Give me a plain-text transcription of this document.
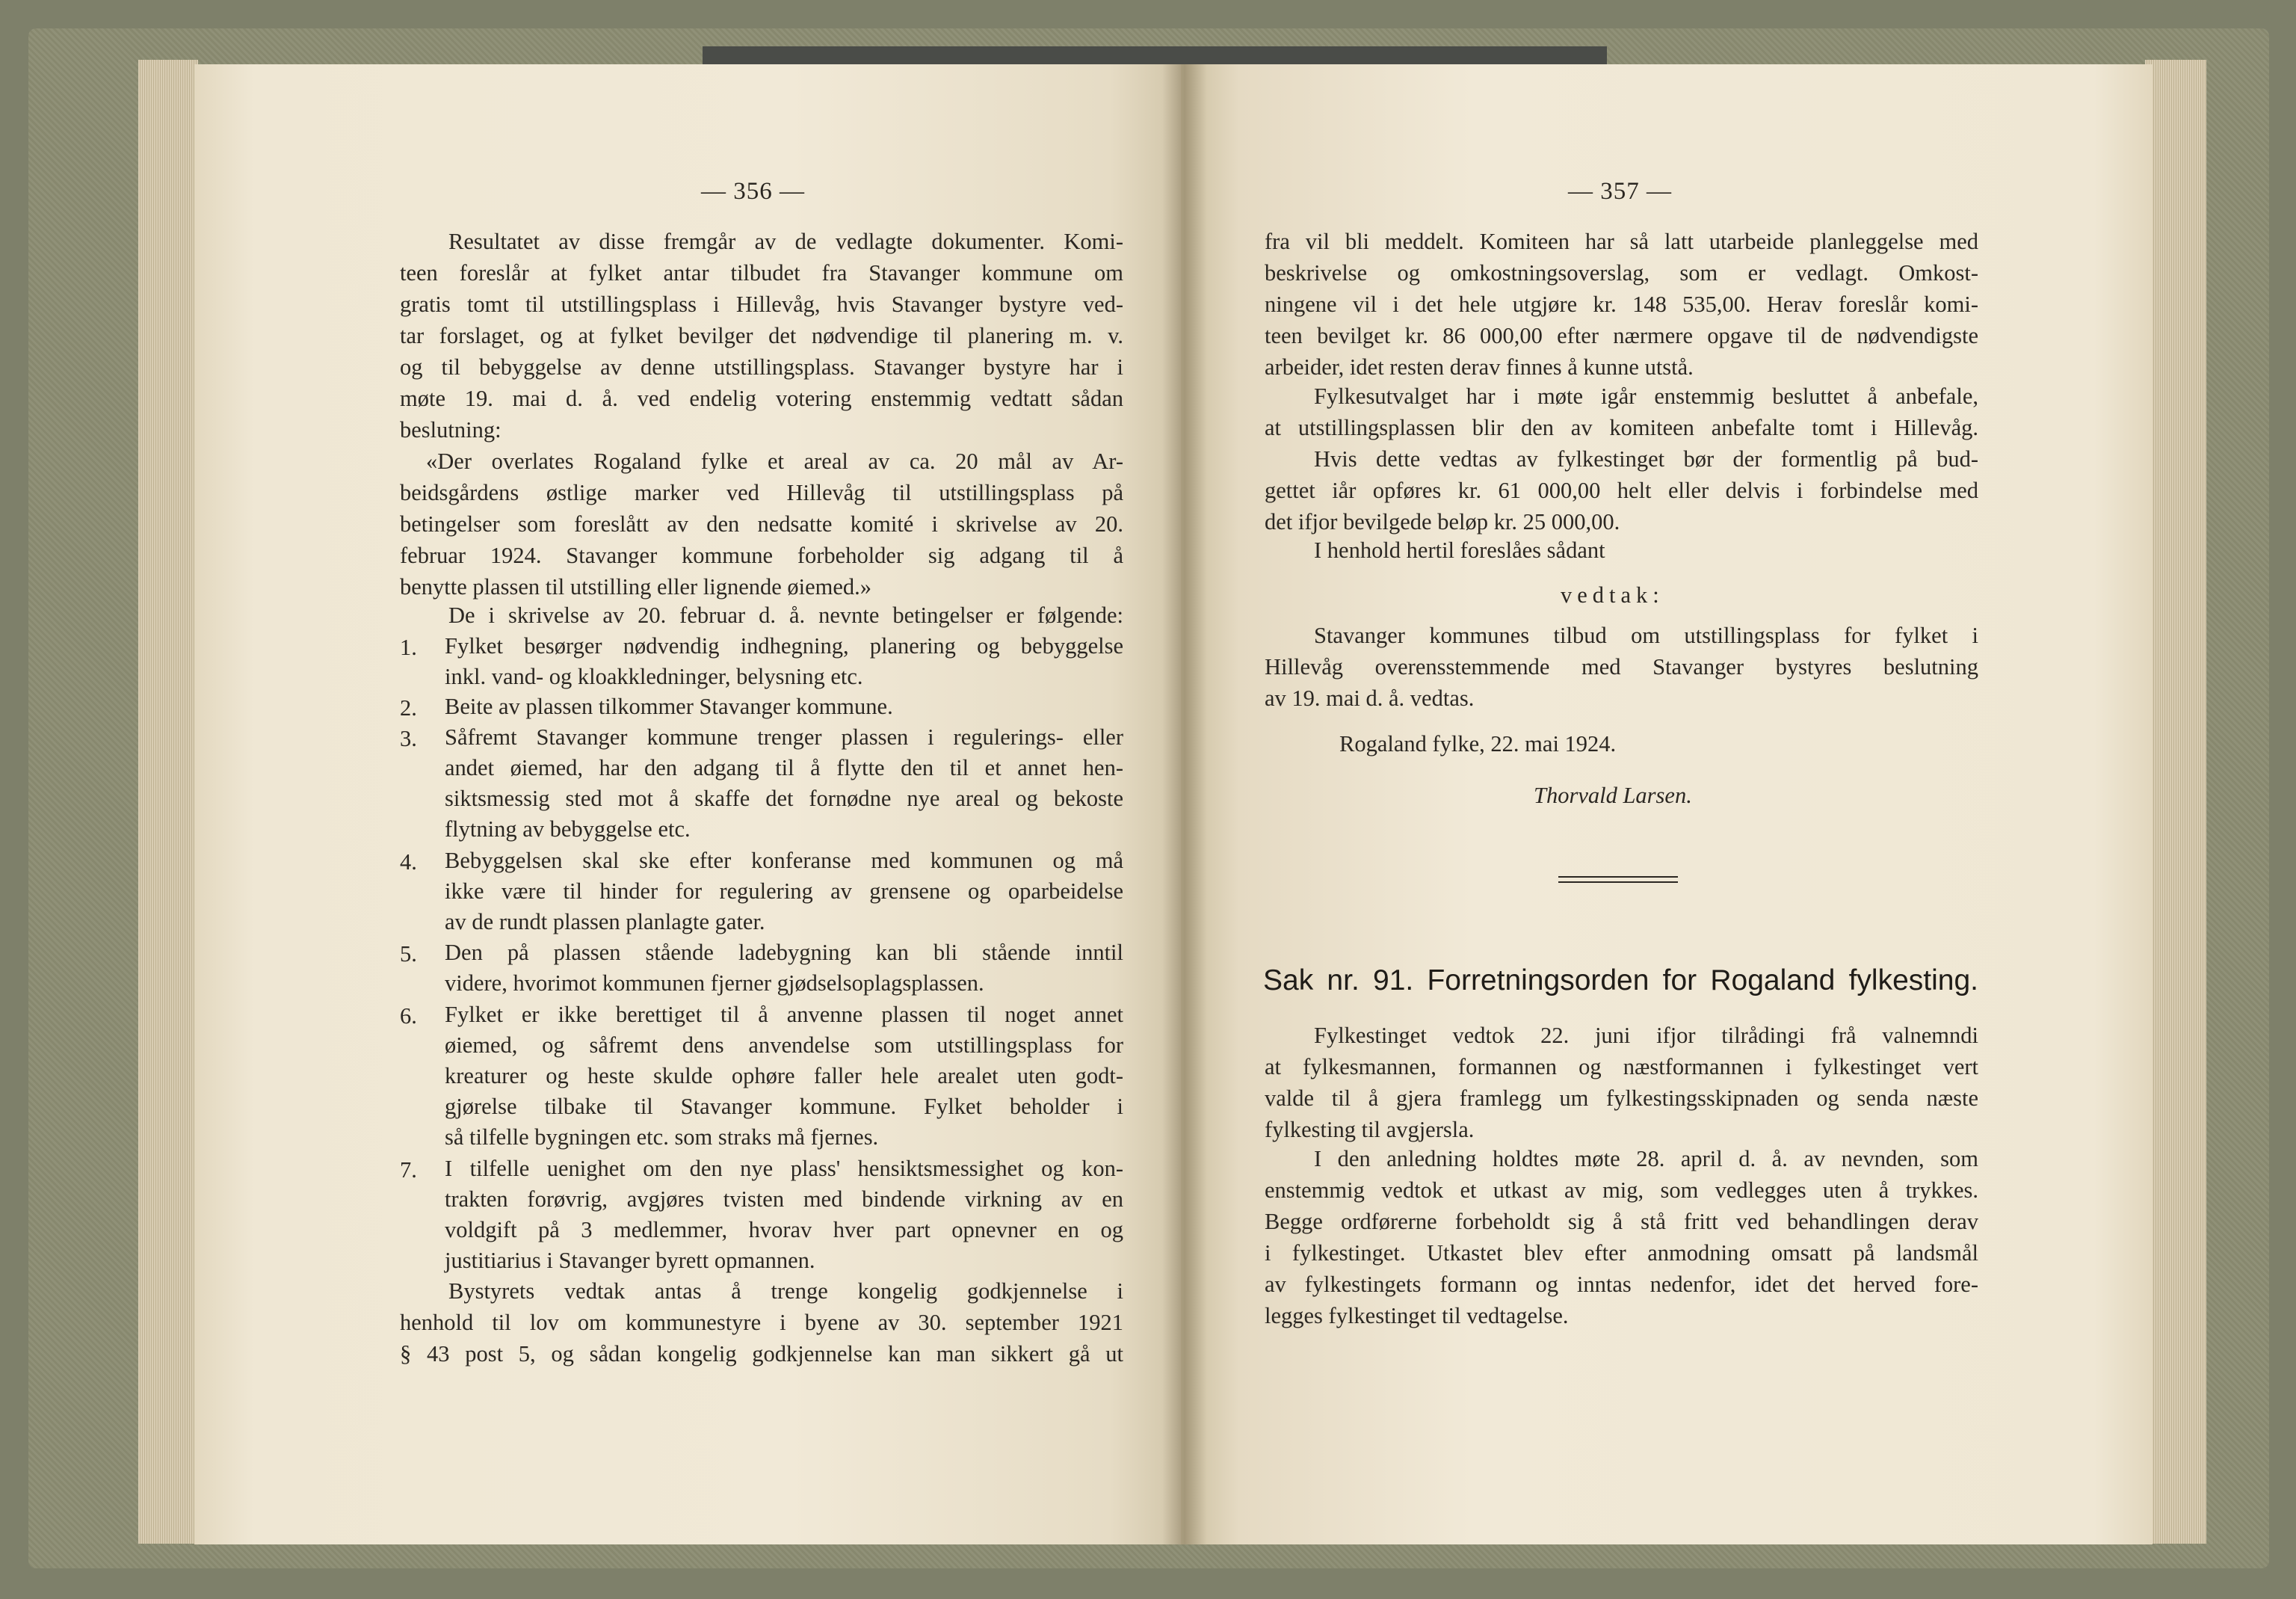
— 356 —
Resultatet av disse fremgår av de vedlagte dokumenter. Komi-
teen foreslår at fylket antar tilbudet fra Stavanger kommune om
gratis tomt til utstillingsplass i Hillevåg, hvis Stavanger bystyre ved-
tar forslaget, og at fylket bevilger det nødvendige til planering m. v.
og til bebyggelse av denne utstillingsplass. Stavanger bystyre har i
møte 19. mai d. å. ved endelig votering enstemmig vedtatt sådan
beslutning:
«Der overlates Rogaland fylke et areal av ca. 20 mål av Ar-
beidsgårdens østlige marker ved Hillevåg til utstillingsplass på
betingelser som foreslått av den nedsatte komité i skrivelse av 20.
februar 1924. Stavanger kommune forbeholder sig adgang til å
benytte plassen til utstilling eller lignende øiemed.»
De i skrivelse av 20. februar d. å. nevnte betingelser er følgende:
1. Fylket besørger nødvendig indhegning, planering og bebyggelse
inkl. vand- og kloakkledninger, belysning etc.
2. Beite av plassen tilkommer Stavanger kommune.
3. Såfremt Stavanger kommune trenger plassen i regulerings- eller
andet øiemed, har den adgang til å flytte den til et annet hen-
siktsmessig sted mot å skaffe det fornødne nye areal og bekoste
flytning av bebyggelse etc.
4. Bebyggelsen skal ske efter konferanse med kommunen og må
ikke være til hinder for regulering av grensene og oparbeidelse
av de rundt plassen planlagte gater.
5. Den på plassen stående ladebygning kan bli stående inntil
videre, hvorimot kommunen fjerner gjødselsoplagsplassen.
6. Fylket er ikke berettiget til å anvenne plassen til noget annet
øiemed, og såfremt dens anvendelse som utstillingsplass for
kreaturer og heste skulde ophøre faller hele arealet uten godt-
gjørelse tilbake til Stavanger kommune. Fylket beholder i
så tilfelle bygningen etc. som straks må fjernes.
7. I tilfelle uenighet om den nye plass' hensiktsmessighet og kon-
trakten forøvrig, avgjøres tvisten med bindende virkning av en
voldgift på 3 medlemmer, hvorav hver part opnevner en og
justitiarius i Stavanger byrett opmannen.
Bystyrets vedtak antas å trenge kongelig godkjennelse i
henhold til lov om kommunestyre i byene av 30. september 1921
§ 43 post 5, og sådan kongelig godkjennelse kan man sikkert gå ut
— 357 —
fra vil bli meddelt. Komiteen har så latt utarbeide planleggelse med
beskrivelse og omkostningsoverslag, som er vedlagt. Omkost-
ningene vil i det hele utgjøre kr. 148 535,00. Herav foreslår komi-
teen bevilget kr. 86 000,00 efter nærmere opgave til de nødvendigste
arbeider, idet resten derav finnes å kunne utstå.
Fylkesutvalget har i møte igår enstemmig besluttet å anbefale,
at utstillingsplassen blir den av komiteen anbefalte tomt i Hillevåg.
Hvis dette vedtas av fylkestinget bør der formentlig på bud-
gettet iår opføres kr. 61 000,00 helt eller delvis i forbindelse med
det ifjor bevilgede beløp kr. 25 000,00.
I henhold hertil foreslåes sådant
vedtak:
Stavanger kommunes tilbud om utstillingsplass for fylket i
Hillevåg overensstemmende med Stavanger bystyres beslutning
av 19. mai d. å. vedtas.
Rogaland fylke, 22. mai 1924.
Thorvald Larsen.
Sak nr. 91. Forretningsorden for Rogaland fylkesting.
Fylkestinget vedtok 22. juni ifjor tilrådingi frå valnemndi
at fylkesmannen, formannen og næstformannen i fylkestinget vert
valde til å gjera framlegg um fylkestingsskipnaden og senda næste
fylkesting til avgjersla.
I den anledning holdtes møte 28. april d. å. av nevnden, som
enstemmig vedtok et utkast av mig, som vedlegges uten å trykkes.
Begge ordførerne forbeholdt sig å stå fritt ved behandlingen derav
i fylkestinget. Utkastet blev efter anmodning omsatt på landsmål
av fylkestingets formann og inntas nedenfor, idet det herved fore-
legges fylkestinget til vedtagelse.
